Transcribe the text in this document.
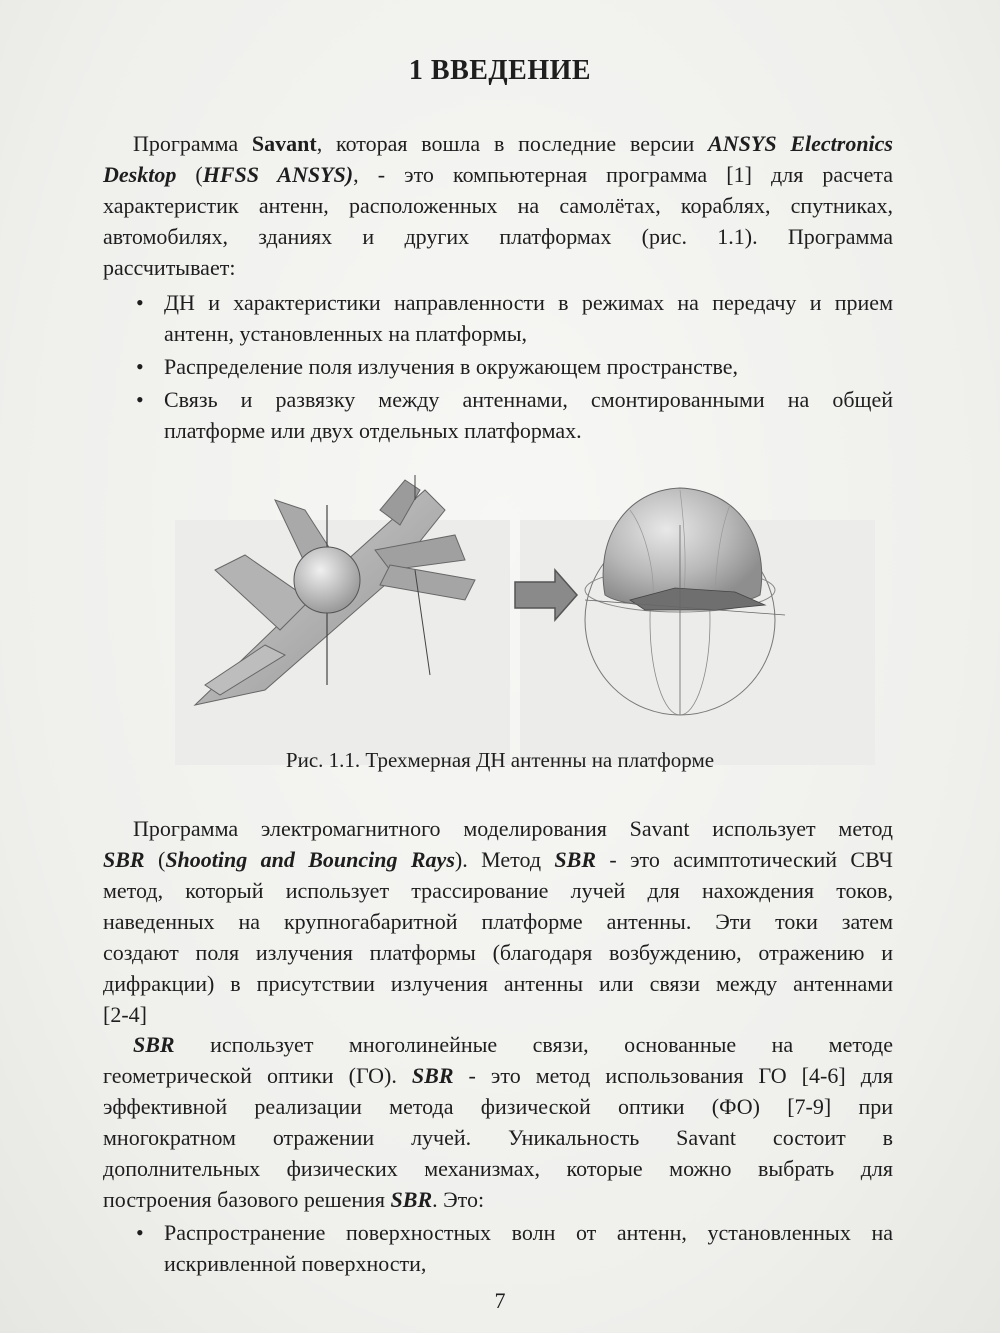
1 ВВЕДЕНИЕ
Программа Savant, которая вошла в последние версии ANSYS Electronics
Desktop (HFSS ANSYS), - это компьютерная программа [1] для расчета
характеристик антенн, расположенных на самолётах, кораблях, спутниках,
автомобилях, зданиях и других платформах (рис. 1.1). Программа
рассчитывает:
• ДН и характеристики направленности в режимах на передачу и прием
антенн, установленных на платформы,
• Распределение поля излучения в окружающем пространстве,
• Связь и развязку между антеннами, смонтированными на общей
платформе или двух отдельных платформах.
Рис. 1.1. Трехмерная ДН антенны на платформе
Программа электромагнитного моделирования Savant использует метод
SBR (Shooting and Bouncing Rays). Метод SBR - это асимптотический СВЧ
метод, который использует трассирование лучей для нахождения токов,
наведенных на крупногабаритной платформе антенны. Эти токи затем
создают поля излучения платформы (благодаря возбуждению, отражению и
дифракции) в присутствии излучения антенны или связи между антеннами
[2-4]
SBR использует многолинейные связи, основанные на методе
геометрической оптики (ГО). SBR - это метод использования ГО [4-6] для
эффективной реализации метода физической оптики (ФО) [7-9] при
многократном отражении лучей. Уникальность Savant состоит в
дополнительных физических механизмах, которые можно выбрать для
построения базового решения SBR. Это:
• Распространение поверхностных волн от антенн, установленных на
искривленной поверхности,
7
